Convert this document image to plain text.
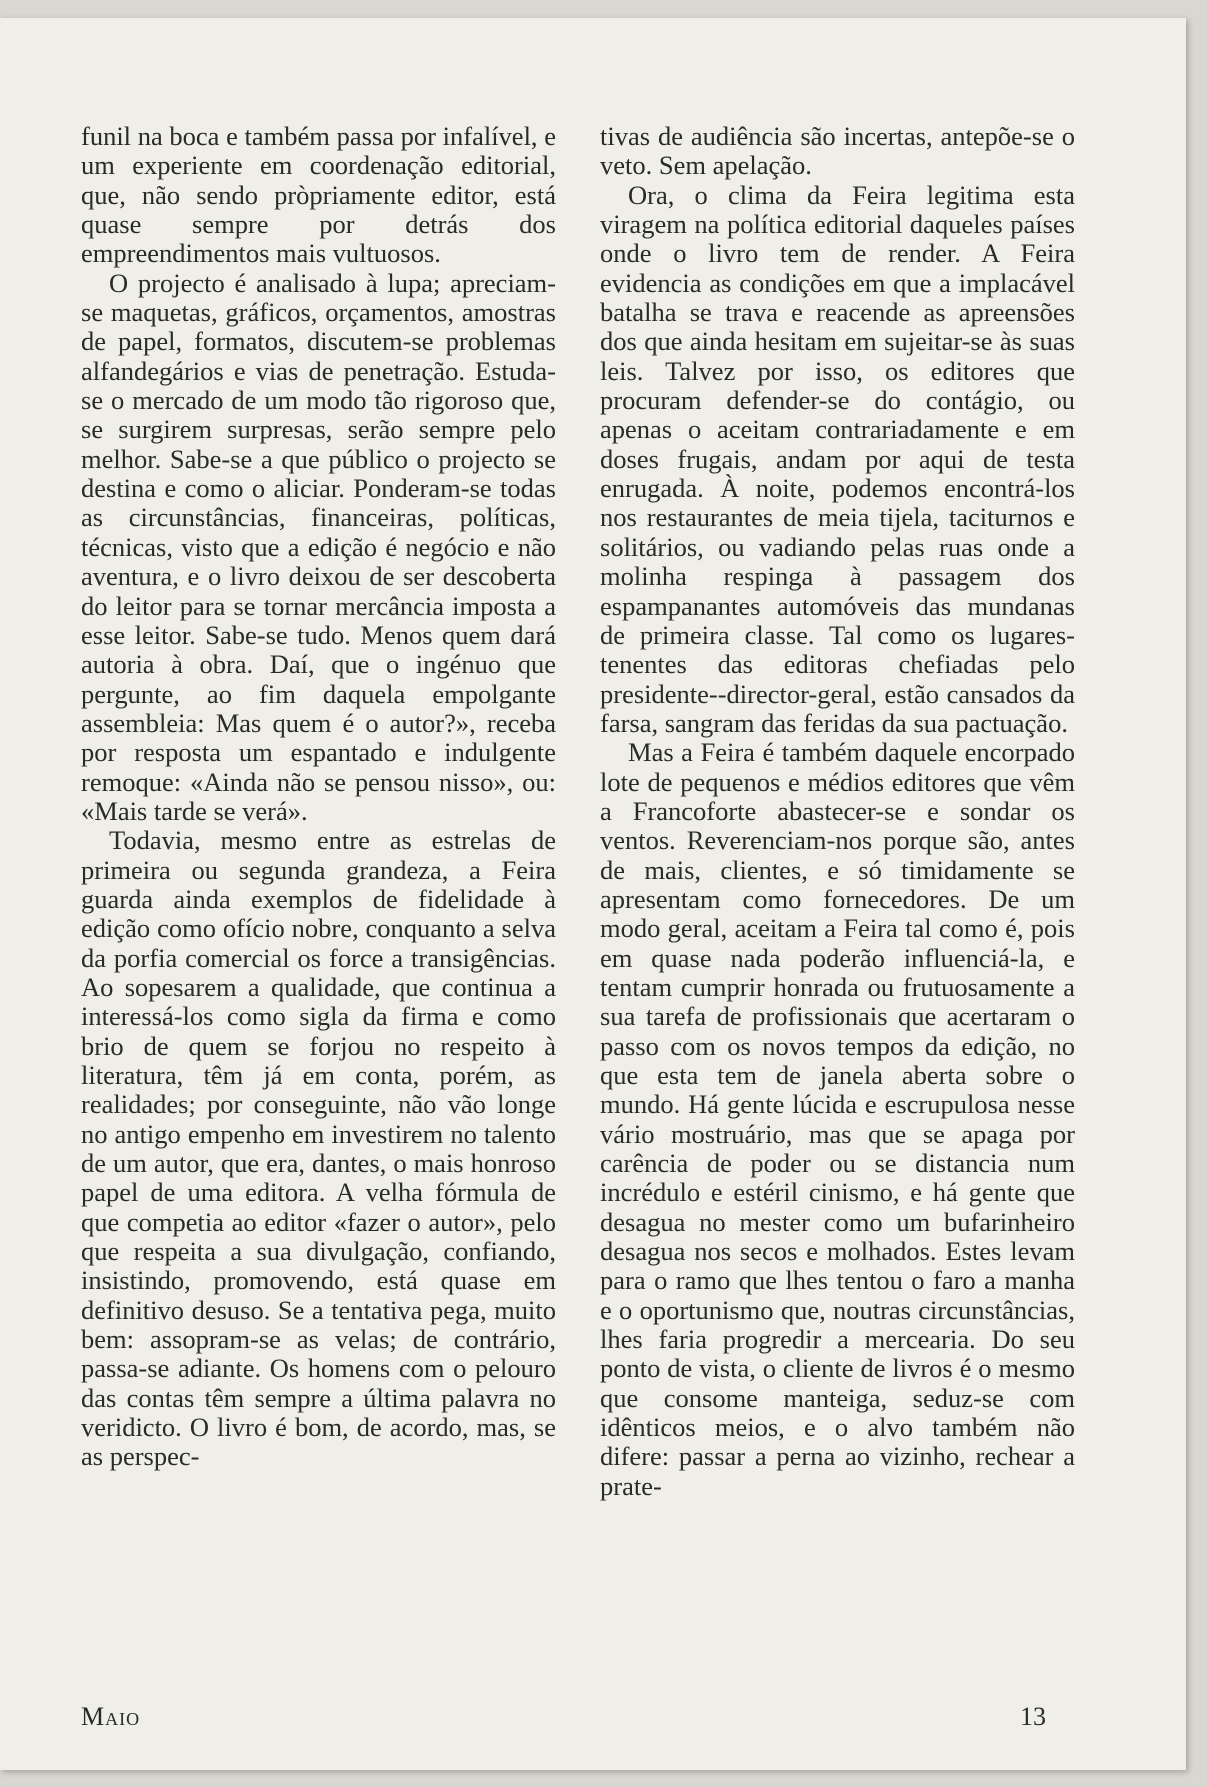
funil na boca e também passa por infalível, e um experiente em coordenação editorial, que, não sendo pròpriamente editor, está quase sempre por detrás dos empreendimentos mais vultuosos.

O projecto é analisado à lupa; apreciam-se maquetas, gráficos, orçamentos, amostras de papel, formatos, discutem-se problemas alfandegários e vias de penetração. Estuda-se o mercado de um modo tão rigoroso que, se surgirem surpresas, serão sempre pelo melhor. Sabe-se a que público o projecto se destina e como o aliciar. Ponderam-se todas as circunstâncias, financeiras, políticas, técnicas, visto que a edição é negócio e não aventura, e o livro deixou de ser descoberta do leitor para se tornar mercância imposta a esse leitor. Sabe-se tudo. Menos quem dará autoria à obra. Daí, que o ingénuo que pergunte, ao fim daquela empolgante assembleia: Mas quem é o autor?», receba por resposta um espantado e indulgente remoque: «Ainda não se pensou nisso», ou: «Mais tarde se verá».

Todavia, mesmo entre as estrelas de primeira ou segunda grandeza, a Feira guarda ainda exemplos de fidelidade à edição como ofício nobre, conquanto a selva da porfia comercial os force a transigências. Ao sopesarem a qualidade, que continua a interessá-los como sigla da firma e como brio de quem se forjou no respeito à literatura, têm já em conta, porém, as realidades; por conseguinte, não vão longe no antigo empenho em investirem no talento de um autor, que era, dantes, o mais honroso papel de uma editora. A velha fórmula de que competia ao editor «fazer o autor», pelo que respeita a sua divulgação, confiando, insistindo, promovendo, está quase em definitivo desuso. Se a tentativa pega, muito bem: assopram-se as velas; de contrário, passa-se adiante. Os homens com o pelouro das contas têm sempre a última palavra no veridicto. O livro é bom, de acordo, mas, se as perspec-

tivas de audiência são incertas, antepõe-se o veto. Sem apelação.

Ora, o clima da Feira legitima esta viragem na política editorial daqueles países onde o livro tem de render. A Feira evidencia as condições em que a implacável batalha se trava e reacende as apreensões dos que ainda hesitam em sujeitar-se às suas leis. Talvez por isso, os editores que procuram defender-se do contágio, ou apenas o aceitam contrariadamente e em doses frugais, andam por aqui de testa enrugada. À noite, podemos encontrá-los nos restaurantes de meia tijela, taciturnos e solitários, ou vadiando pelas ruas onde a molinha respinga à passagem dos espampanantes automóveis das mundanas de primeira classe. Tal como os lugares-tenentes das editoras chefiadas pelo presidente--director-geral, estão cansados da farsa, sangram das feridas da sua pactuação.

Mas a Feira é também daquele encorpado lote de pequenos e médios editores que vêm a Francoforte abastecer-se e sondar os ventos. Reverenciam-nos porque são, antes de mais, clientes, e só timidamente se apresentam como fornecedores. De um modo geral, aceitam a Feira tal como é, pois em quase nada poderão influenciá-la, e tentam cumprir honrada ou frutuosamente a sua tarefa de profissionais que acertaram o passo com os novos tempos da edição, no que esta tem de janela aberta sobre o mundo. Há gente lúcida e escrupulosa nesse vário mostruário, mas que se apaga por carência de poder ou se distancia num incrédulo e estéril cinismo, e há gente que desagua no mester como um bufarinheiro desagua nos secos e molhados. Estes levam para o ramo que lhes tentou o faro a manha e o oportunismo que, noutras circunstâncias, lhes faria progredir a mercearia. Do seu ponto de vista, o cliente de livros é o mesmo que consome manteiga, seduz-se com idênticos meios, e o alvo também não difere: passar a perna ao vizinho, rechear a prate-

Maio	13
